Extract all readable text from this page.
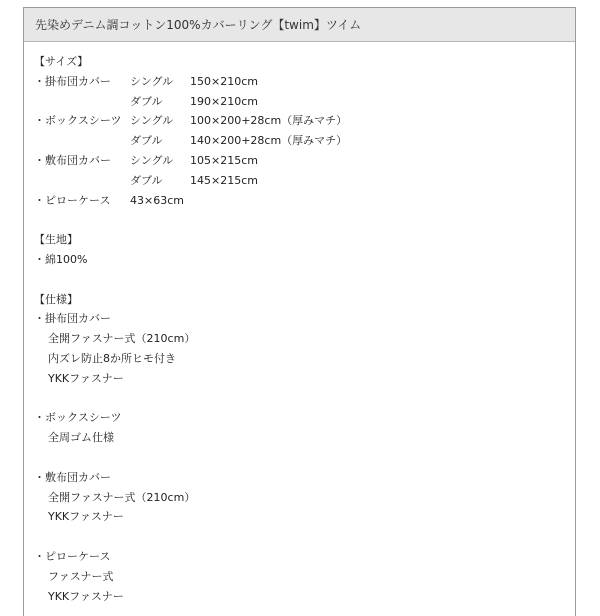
先染めデニム調コットン100%カバーリング【twim】ツイム
【サイズ】
・掛布団カバー シングル 150×210cm
ダブル 190×210cm
・ボックスシーツ シングル 100×200+28cm（厚みマチ）
ダブル 140×200+28cm（厚みマチ）
・敷布団カバー シングル 105×215cm
ダブル 145×215cm
・ピローケース 43×63cm
【生地】
・綿100%
【仕様】
・掛布団カバー
全開ファスナー式（210cm）
内ズレ防止8か所ヒモ付き
YKKファスナー
・ボックスシーツ
全周ゴム仕様
・敷布団カバー
全開ファスナー式（210cm）
YKKファスナー
・ピローケース
ファスナー式
YKKファスナー
